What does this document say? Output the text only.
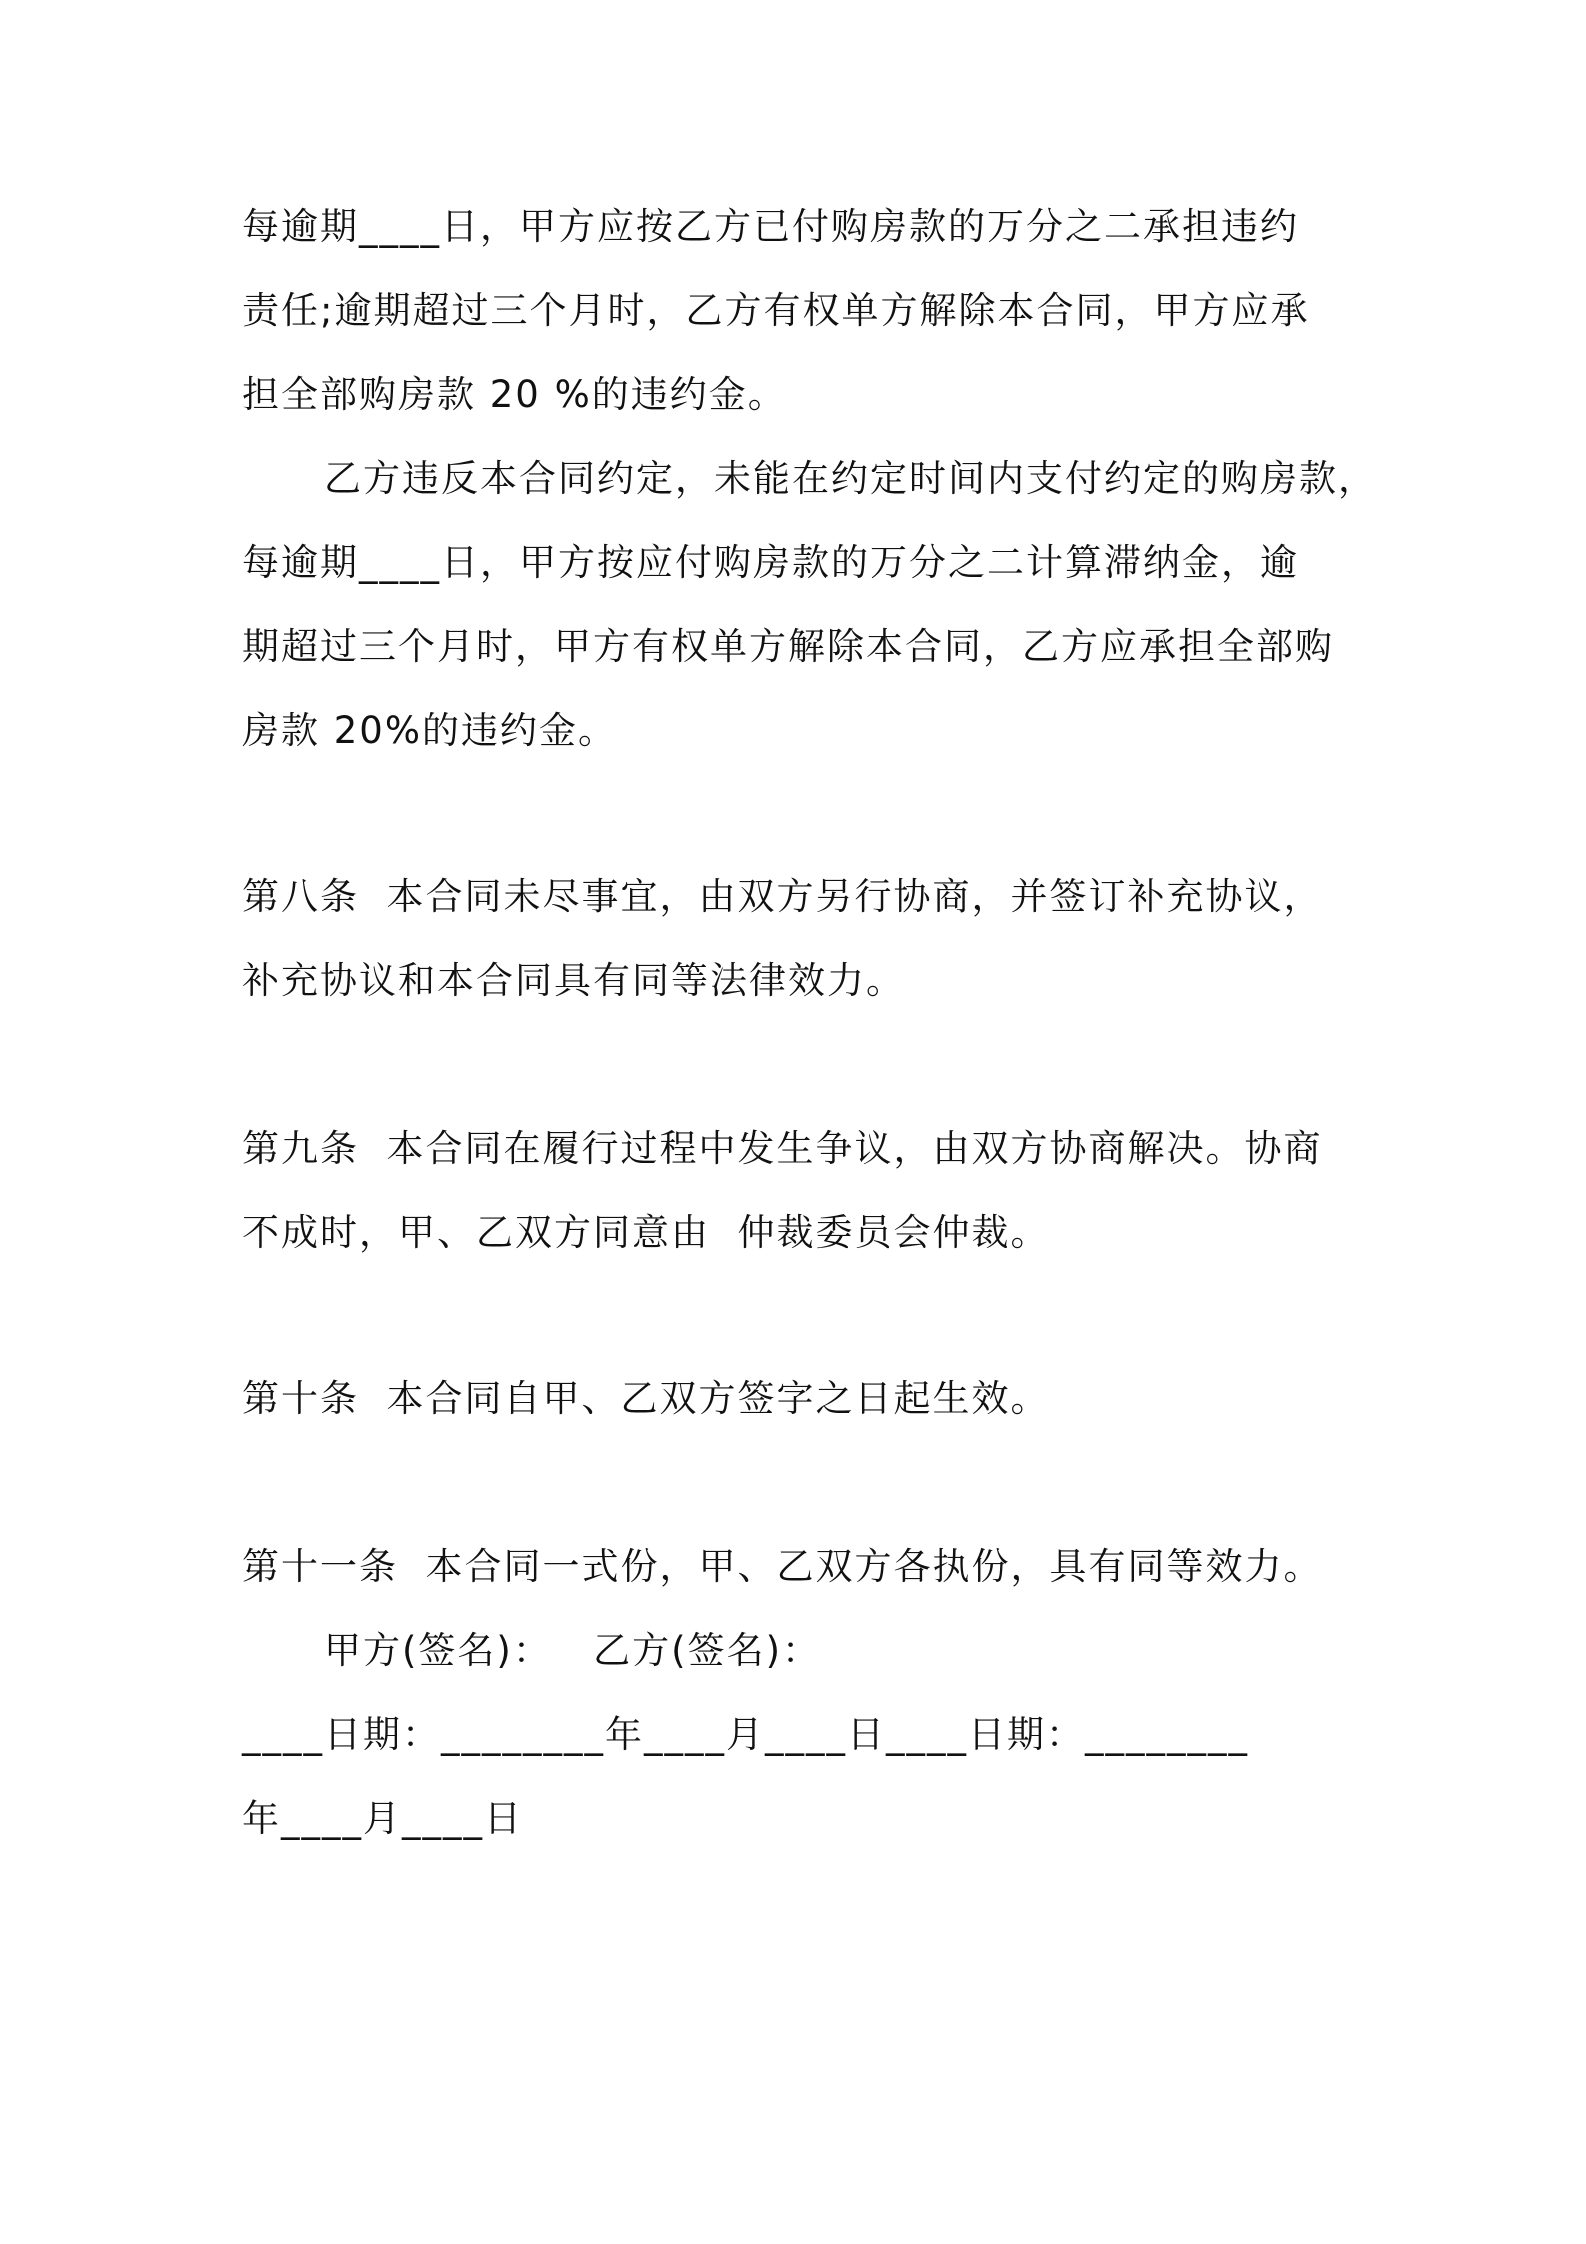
每逾期____日，甲方应按乙方已付购房款的万分之二承担违约
责任;逾期超过三个月时，乙方有权单方解除本合同，甲方应承
担全部购房款 20 %的违约金。
乙方违反本合同约定，未能在约定时间内支付约定的购房款，
每逾期____日，甲方按应付购房款的万分之二计算滞纳金，逾
期超过三个月时，甲方有权单方解除本合同，乙方应承担全部购
房款 20%的违约金。
第八条  本合同未尽事宜，由双方另行协商，并签订补充协议，
补充协议和本合同具有同等法律效力。
第九条  本合同在履行过程中发生争议，由双方协商解决。协商
不成时，甲、乙双方同意由  仲裁委员会仲裁。
第十条  本合同自甲、乙双方签字之日起生效。
第十一条  本合同一式份，甲、乙双方各执份，具有同等效力。
甲方(签名)：   乙方(签名)：
____日期：________年____月____日____日期：________
年____月____日
